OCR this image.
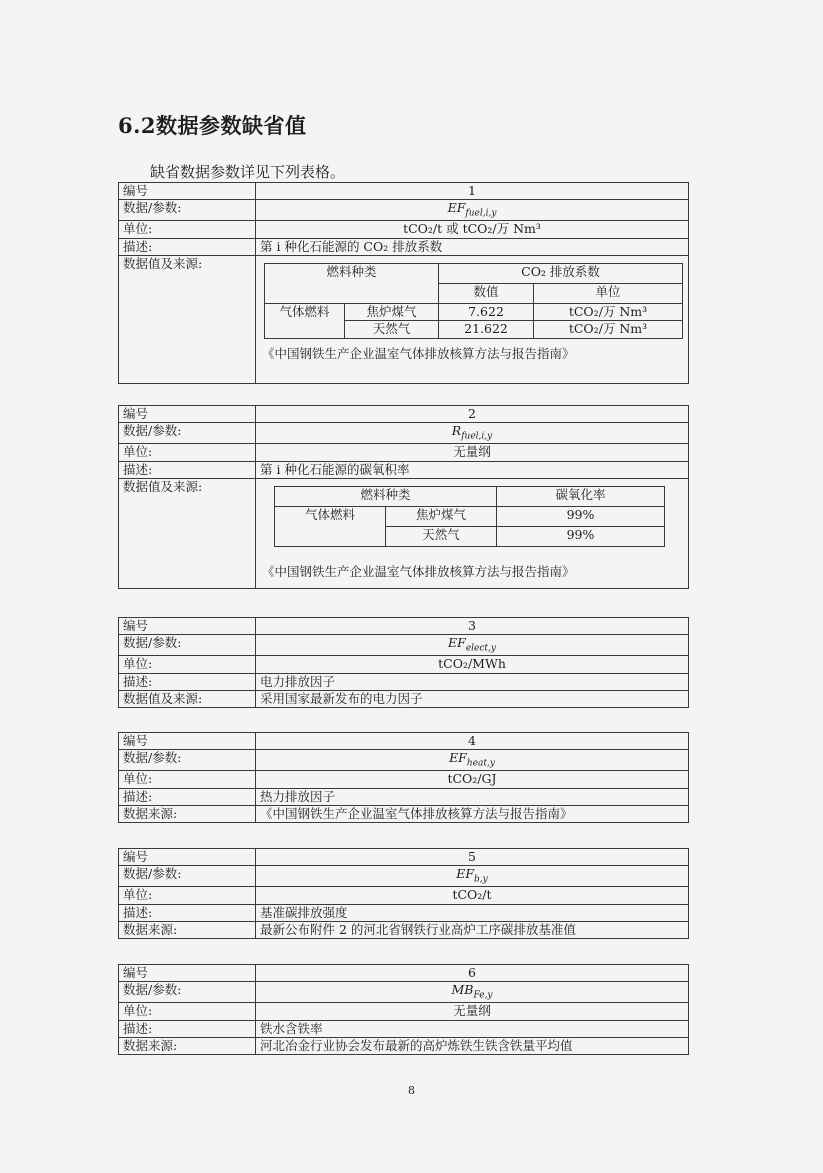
6.2数据参数缺省值

缺省数据参数详见下列表格。

编号	1
数据/参数:	$EF_{fuel,i,y}$
单位:	tCO₂/t 或 tCO₂/万 Nm³
描述:	第 i 种化石能源的 CO₂ 排放系数
数据值及来源:	
燃料种类	CO₂ 排放系数
数值	单位
气体燃料	焦炉煤气	7.622	tCO₂/万 Nm³
天然气	21.622	tCO₂/万 Nm³
《中国钢铁生产企业温室气体排放核算方法与报告指南》
编号	2
数据/参数:	$R_{fuel,i,y}$
单位:	无量纲
描述:	第 i 种化石能源的碳氧积率
数据值及来源:	
燃料种类	碳氧化率
气体燃料	焦炉煤气	99%
天然气	99%
《中国钢铁生产企业温室气体排放核算方法与报告指南》
编号	3
数据/参数:	$EF_{elect,y}$
单位:	tCO₂/MWh
描述:	电力排放因子
数据值及来源:	采用国家最新发布的电力因子
编号	4
数据/参数:	$EF_{heat,y}$
单位:	tCO₂/GJ
描述:	热力排放因子
数据来源:	《中国钢铁生产企业温室气体排放核算方法与报告指南》
编号	5
数据/参数:	$EF_{b,y}$
单位:	tCO₂/t
描述:	基准碳排放强度
数据来源:	最新公布附件 2 的河北省钢铁行业高炉工序碳排放基准值
编号	6
数据/参数:	$MB_{Fe,y}$
单位:	无量纲
描述:	铁水含铁率
数据来源:	河北冶金行业协会发布最新的高炉炼铁生铁含铁量平均值
8
